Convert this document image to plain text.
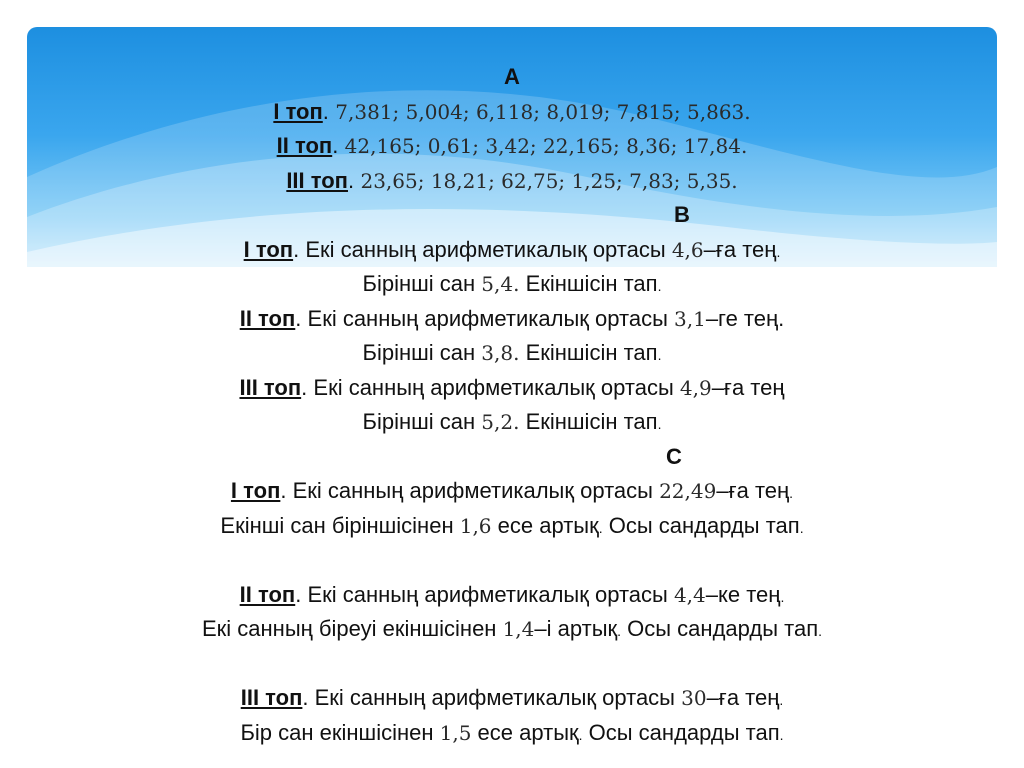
A
I топ. 7,381; 5,004; 6,118; 8,019; 7,815; 5,863.
II топ. 42,165; 0,61; 3,42; 22,165; 8,36; 17,84.
III топ. 23,65; 18,21; 62,75; 1,25; 7,83; 5,35.
B
I топ. Екі санның арифметикалық ортасы 4,6–ға тең.
Бірінші сан 5,4. Екіншісін тап.
II топ. Екі санның арифметикалық ортасы 3,1–ге тең.
Бірінші сан 3,8. Екіншісін тап.
III топ. Екі санның арифметикалық ортасы 4,9–ға тең
Бірінші сан 5,2. Екіншісін тап.
C
I топ. Екі санның арифметикалық ортасы 22,49–ға тең.
Екінші сан біріншісінен 1,6 есе артық. Осы сандарды тап.
II топ. Екі санның арифметикалық ортасы 4,4–ке тең.
Екі санның біреуі екіншісінен 1,4–і артық. Осы сандарды тап.
III топ. Екі санның арифметикалық ортасы 30–ға тең.
Бір сан екіншісінен 1,5 есе артық. Осы сандарды тап.
